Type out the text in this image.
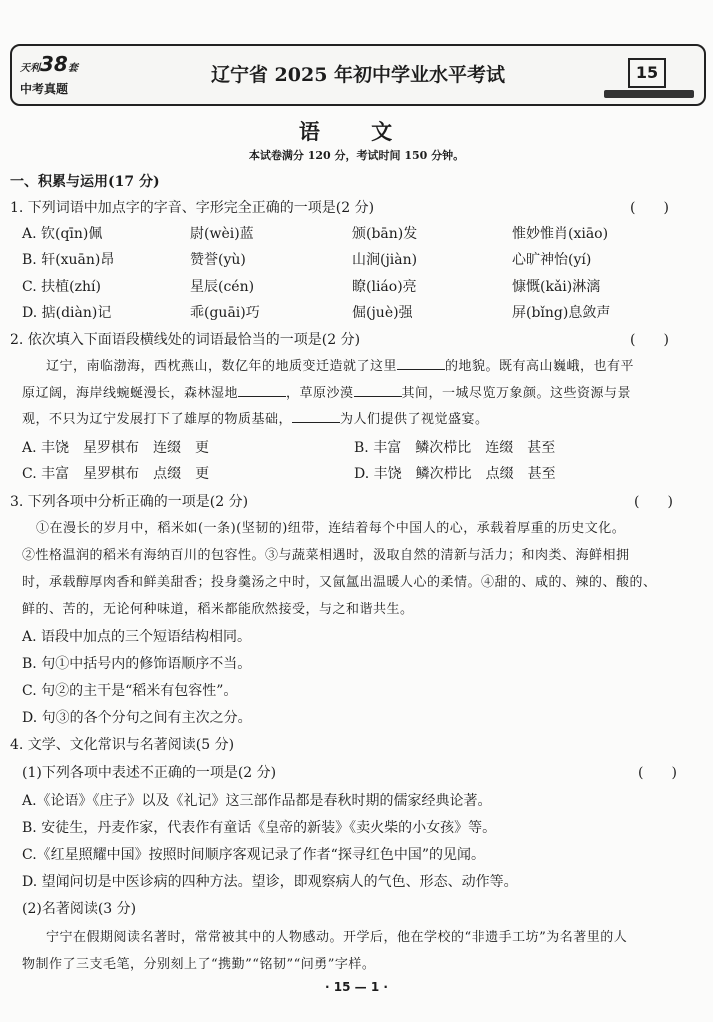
天利38套
中考真题
辽宁省 2025 年初中学业水平考试	15
语 文
本试卷满分 120 分，考试时间 150 分钟。
一、积累与运用(17 分)
1. 下列词语中加点字的字音、字形完全正确的一项是(2 分)	(　　)
A. 钦(qīn)佩	尉(wèi)蓝	颁(bān)发	惟妙惟肖(xiāo)
B. 轩(xuān)昂	赞誉(yù)	山涧(jiàn)	心旷神怡(yí)
C. 扶植(zhí)	星辰(cén)	瞭(liáo)亮	慷慨(kǎi)淋漓
D. 掂(diàn)记	乖(guāi)巧	倔(juè)强	屏(bǐng)息敛声
2. 依次填入下面语段横线处的词语最恰当的一项是(2 分)	(　　)
辽宁，南临渤海，西枕燕山，数亿年的地质变迁造就了这里	的地貌。既有高山巍峨，也有平
原辽阔，海岸线蜿蜒漫长，森林湿地	，草原沙漠	其间，一城尽览万象颜。这些资源与景
观，不只为辽宁发展打下了雄厚的物质基础，	为人们提供了视觉盛宴。
A. 丰饶　星罗棋布　连缀　更	B. 丰富　鳞次栉比　连缀　甚至
C. 丰富　星罗棋布　点缀　更	D. 丰饶　鳞次栉比　点缀　甚至
3. 下列各项中分析正确的一项是(2 分)	(　　)
①在漫长的岁月中，稻米如(一条)(坚韧的)纽带，连结着每个中国人的心，承载着厚重的历史文化。
②性格温润的稻米有海纳百川的包容性。③与蔬菜相遇时，汲取自然的清新与活力；和肉类、海鲜相拥
时，承载醇厚肉香和鲜美甜香；投身羹汤之中时，又氤氲出温暖人心的柔情。④甜的、咸的、辣的、酸的、
鲜的、苦的，无论何种味道，稻米都能欣然接受，与之和谐共生。
A. 语段中加点的三个短语结构相同。
B. 句①中括号内的修饰语顺序不当。
C. 句②的主干是“稻米有包容性”。
D. 句③的各个分句之间有主次之分。
4. 文学、文化常识与名著阅读(5 分)
(1)下列各项中表述不正确的一项是(2 分)	(　　)
A.《论语》《庄子》以及《礼记》这三部作品都是春秋时期的儒家经典论著。
B. 安徒生，丹麦作家，代表作有童话《皇帝的新装》《卖火柴的小女孩》等。
C.《红星照耀中国》按照时间顺序客观记录了作者“探寻红色中国”的见闻。
D. 望闻问切是中医诊病的四种方法。望诊，即观察病人的气色、形态、动作等。
(2)名著阅读(3 分)
宁宁在假期阅读名著时，常常被其中的人物感动。开学后，他在学校的“非遗手工坊”为名著里的人
物制作了三支毛笔，分别刻上了“携勤”“铭韧”“问勇”字样。
· 15 — 1 ·
